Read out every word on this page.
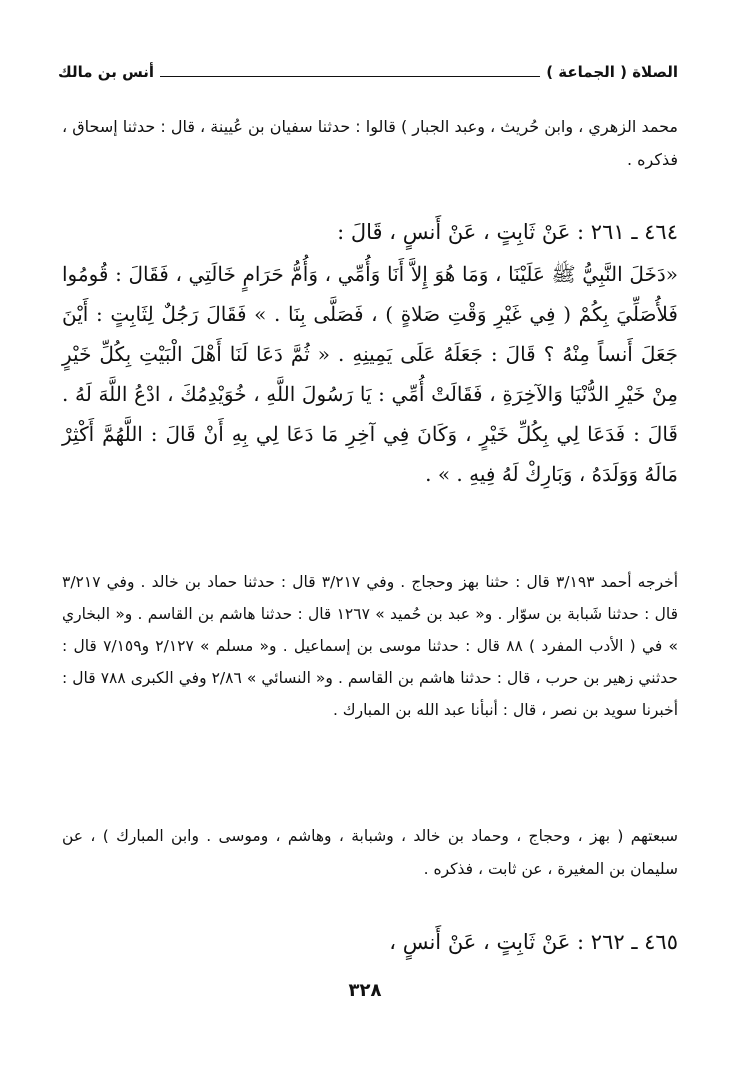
الصلاة ( الجماعة )
أنس بن مالك

محمد الزهري ، وابن حُريث ، وعبد الجبار ) قالوا : حدثنا سفيان بن عُيينة ، قال : حدثنا إسحاق ، فذكره .

٤٦٤ ـ ٢٦١ : عَنْ ثَابِتٍ ، عَنْ أَنسٍ ، قَالَ :

«دَخَلَ النَّبِيُّ ﷺ عَلَيْنَا ، وَمَا هُوَ إِلاَّ أَنَا وَأُمِّي ، وَأُمُّ حَرَامٍ خَالَتِي ، فَقَالَ : قُومُوا فَلأُصَلِّيَ بِكُمْ ( فِي غَيْرِ وَقْتِ صَلاةٍ ) ، فَصَلَّى بِنَا . » فَقَالَ رَجُلٌ لِثَابِتٍ : أَيْنَ جَعَلَ أَنساً مِنْهُ ؟ قَالَ : جَعَلَهُ عَلَى يَمِينِهِ . « ثُمَّ دَعَا لَنَا أَهْلَ الْبَيْتِ بِكُلِّ خَيْرٍ مِنْ خَيْرِ الدُّنْيَا وَالآخِرَةِ ، فَقَالَتْ أُمِّي : يَا رَسُولَ اللَّهِ ، خُوَيْدِمُكَ ، ادْعُ اللَّهَ لَهُ . قَالَ : فَدَعَا لِي بِكُلِّ خَيْرٍ ، وَكَانَ فِي آخِرِ مَا دَعَا لِي بِهِ أَنْ قَالَ : اللَّهُمَّ أَكْثِرْ مَالَهُ وَوَلَدَهُ ، وَبَارِكْ لَهُ فِيهِ . » .

أخرجه أحمد ٣/١٩٣ قال : حثنا بهز وحجاج . وفي ٣/٢١٧ قال : حدثنا حماد بن خالد . وفي ٣/٢١٧ قال : حدثنا شَبابة بن سوّار . و« عبد بن حُميد » ١٢٦٧ قال : حدثنا هاشم بن القاسم . و« البخاري » في ( الأدب المفرد ) ٨٨ قال : حدثنا موسى بن إسماعيل . و« مسلم » ٢/١٢٧ و٧/١٥٩ قال : حدثني زهير بن حرب ، قال : حدثنا هاشم بن القاسم . و« النسائي » ٢/٨٦ وفي الكبرى ٧٨٨ قال : أخبرنا سويد بن نصر ، قال : أنبأنا عبد الله بن المبارك .

سبعتهم ( بهز ، وحجاج ، وحماد بن خالد ، وشبابة ، وهاشم ، وموسى . وابن المبارك ) ، عن سليمان بن المغيرة ، عن ثابت ، فذكره .

٤٦٥ ـ ٢٦٢ : عَنْ ثَابِتٍ ، عَنْ أَنسٍ ،
٣٢٨
